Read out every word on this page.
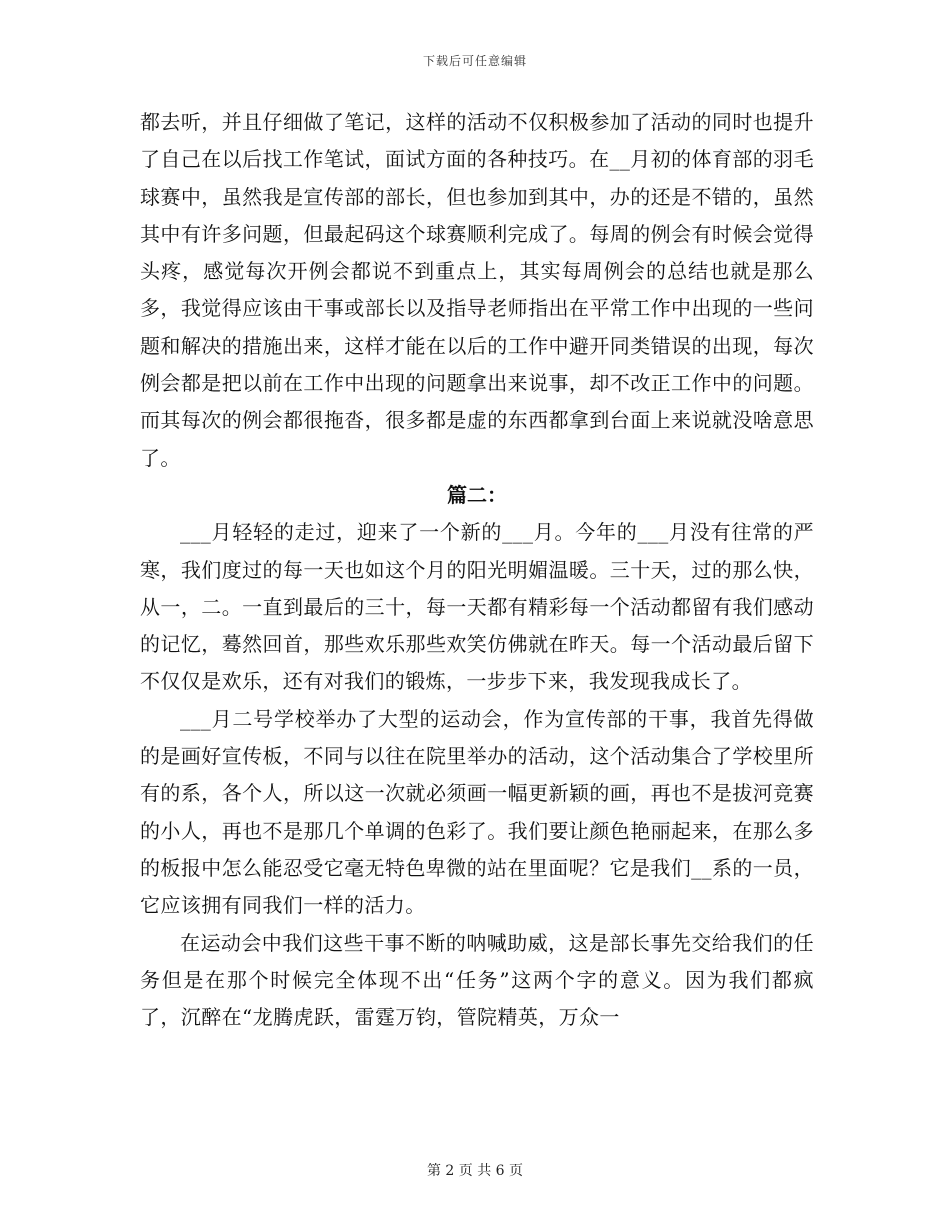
下载后可任意编辑

都去听，并且仔细做了笔记，这样的活动不仅积极参加了活动的同时也提升了自己在以后找工作笔试，面试方面的各种技巧。在__月初的体育部的羽毛球赛中，虽然我是宣传部的部长，但也参加到其中，办的还是不错的，虽然其中有许多问题，但最起码这个球赛顺利完成了。每周的例会有时候会觉得头疼，感觉每次开例会都说不到重点上，其实每周例会的总结也就是那么多，我觉得应该由干事或部长以及指导老师指出在平常工作中出现的一些问题和解决的措施出来，这样才能在以后的工作中避开同类错误的出现，每次例会都是把以前在工作中出现的问题拿出来说事，却不改正工作中的问题。而其每次的例会都很拖沓，很多都是虚的东西都拿到台面上来说就没啥意思了。

篇二：

___月轻轻的走过，迎来了一个新的___月。今年的___月没有往常的严寒，我们度过的每一天也如这个月的阳光明媚温暖。三十天，过的那么快，从一，二。一直到最后的三十，每一天都有精彩每一个活动都留有我们感动的记忆，蓦然回首，那些欢乐那些欢笑仿佛就在昨天。每一个活动最后留下不仅仅是欢乐，还有对我们的锻炼，一步步下来，我发现我成长了。

___月二号学校举办了大型的运动会，作为宣传部的干事，我首先得做的是画好宣传板，不同与以往在院里举办的活动，这个活动集合了学校里所有的系，各个人，所以这一次就必须画一幅更新颖的画，再也不是拔河竞赛的小人，再也不是那几个单调的色彩了。我们要让颜色艳丽起来，在那么多的板报中怎么能忍受它毫无特色卑微的站在里面呢？它是我们__系的一员，它应该拥有同我们一样的活力。

在运动会中我们这些干事不断的呐喊助威，这是部长事先交给我们的任务但是在那个时候完全体现不出“任务”这两个字的意义。因为我们都疯了，沉醉在“龙腾虎跃，雷霆万钧，管院精英，万众一

第 2 页 共 6 页
